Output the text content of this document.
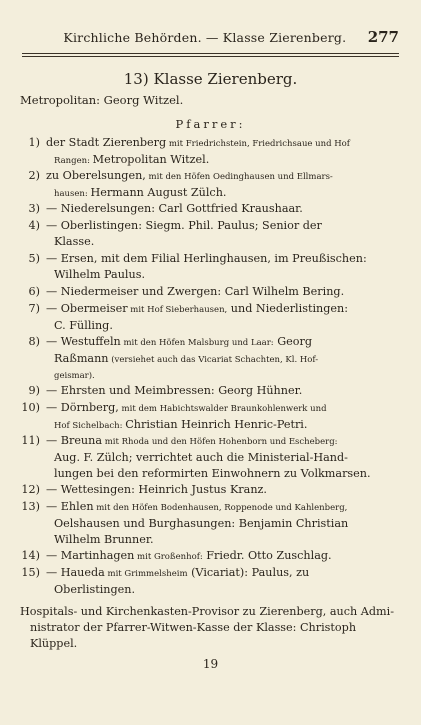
Kirchliche Behörden. — Klasse Zierenberg.	277
13) Klasse Zierenberg.
Metropolitan: Georg Witzel.
Pfarrer:
1) der Stadt Zierenberg mit Friedrichstein, Friedrichsaue und Hof
Rangen: Metropolitan Witzel.
2) zu Oberelsungen, mit den Höfen Oedinghausen und Ellmars-
hausen: Hermann August Zülch.
3) — Niederelsungen: Carl Gottfried Kraushaar.
4) — Oberlistingen: Siegm. Phil. Paulus; Senior der
Klasse.
5) — Ersen, mit dem Filial Herlinghausen, im Preußischen:
Wilhelm Paulus.
6) — Niedermeiser und Zwergen: Carl Wilhelm Bering.
7) — Obermeiser mit Hof Sieberhausen, und Niederlistingen:
C. Fülling.
8) — Westuffeln mit den Höfen Malsburg und Laar: Georg
Raßmann (versiehet auch das Vicariat Schachten, Kl. Hof-
geismar).
9) — Ehrsten und Meimbressen: Georg Hühner.
10) — Dörnberg, mit dem Habichtswalder Braunkohlenwerk und
Hof Sichelbach: Christian Heinrich Henric-Petri.
11) — Breuna mit Rhoda und den Höfen Hohenborn und Escheberg:
Aug. F. Zülch; verrichtet auch die Ministerial-Hand-
lungen bei den reformirten Einwohnern zu Volkmarsen.
12) — Wettesingen: Heinrich Justus Kranz.
13) — Ehlen mit den Höfen Bodenhausen, Roppenode und Kahlenberg,
Oelshausen und Burghasungen: Benjamin Christian
Wilhelm Brunner.
14) — Martinhagen mit Großenhof: Friedr. Otto Zuschlag.
15) — Haueda mit Grimmelsheim (Vicariat): Paulus, zu
Oberlistingen.
Hospitals- und Kirchenkasten-Provisor zu Zierenberg, auch Admi-
nistrator der Pfarrer-Witwen-Kasse der Klasse: Christoph
Klüppel.
19
